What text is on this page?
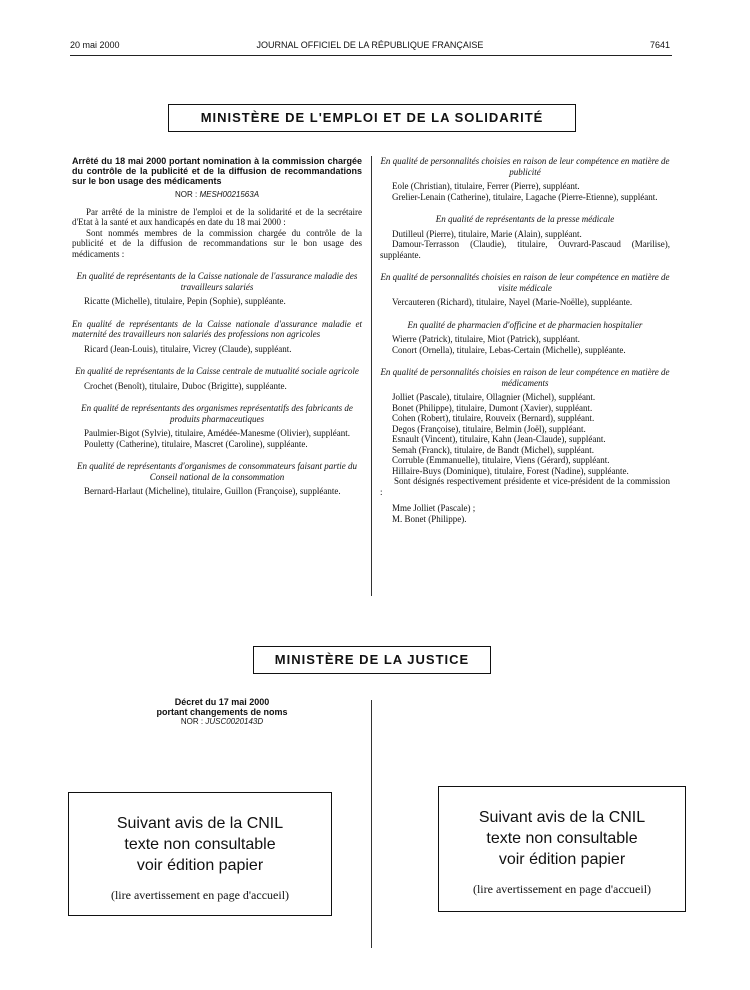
20 mai 2000	JOURNAL OFFICIEL DE LA RÉPUBLIQUE FRANÇAISE	7641
MINISTÈRE DE L'EMPLOI ET DE LA SOLIDARITÉ

Arrêté du 18 mai 2000 portant nomination à la commission chargée du contrôle de la publicité et de la diffusion de recommandations sur le bon usage des médicaments

NOR : MESH0021563A

Par arrêté de la ministre de l'emploi et de la solidarité et de la secrétaire d'Etat à la santé et aux handicapés en date du 18 mai 2000 :

Sont nommés membres de la commission chargée du contrôle de la publicité et de la diffusion de recommandations sur le bon usage des médicaments :

En qualité de représentants de la Caisse nationale de l'assurance maladie des travailleurs salariés

Ricatte (Michelle), titulaire, Pepin (Sophie), suppléante.

En qualité de représentants de la Caisse nationale d'assurance maladie et maternité des travailleurs non salariés des professions non agricoles

Ricard (Jean-Louis), titulaire, Vicrey (Claude), suppléant.

En qualité de représentants de la Caisse centrale de mutualité sociale agricole

Crochet (Benoît), titulaire, Duboc (Brigitte), suppléante.

En qualité de représentants des organismes représentatifs des fabricants de produits pharmaceutiques

Paulmier-Bigot (Sylvie), titulaire, Amédée-Manesme (Olivier), suppléant.

Pouletty (Catherine), titulaire, Mascret (Caroline), suppléante.

En qualité de représentants d'organismes de consommateurs faisant partie du Conseil national de la consommation

Bernard-Harlaut (Micheline), titulaire, Guillon (Françoise), suppléante.

En qualité de personnalités choisies en raison de leur compétence en matière de publicité

Eole (Christian), titulaire, Ferrer (Pierre), suppléant.

Grelier-Lenain (Catherine), titulaire, Lagache (Pierre-Etienne), suppléant.

En qualité de représentants de la presse médicale

Dutilleul (Pierre), titulaire, Marie (Alain), suppléant.

Damour-Terrasson (Claudie), titulaire, Ouvrard-Pascaud (Marilise), suppléante.

En qualité de personnalités choisies en raison de leur compétence en matière de visite médicale

Vercauteren (Richard), titulaire, Nayel (Marie-Noëlle), suppléante.

En qualité de pharmacien d'officine et de pharmacien hospitalier

Wierre (Patrick), titulaire, Miot (Patrick), suppléant.

Conort (Ornella), titulaire, Lebas-Certain (Michelle), suppléante.

En qualité de personnalités choisies en raison de leur compétence en matière de médicaments

Jolliet (Pascale), titulaire, Ollagnier (Michel), suppléant.

Bonet (Philippe), titulaire, Dumont (Xavier), suppléant.

Cohen (Robert), titulaire, Rouveix (Bernard), suppléant.

Degos (Françoise), titulaire, Belmin (Joël), suppléant.

Esnault (Vincent), titulaire, Kahn (Jean-Claude), suppléant.

Semah (Franck), titulaire, de Bandt (Michel), suppléant.

Corruble (Emmanuelle), titulaire, Viens (Gérard), suppléant.

Hillaire-Buys (Dominique), titulaire, Forest (Nadine), suppléante.

Sont désignés respectivement présidente et vice-président de la commission :

Mme Jolliet (Pascale) ;

M. Bonet (Philippe).

MINISTÈRE DE LA JUSTICE
Décret du 17 mai 2000
portant changements de noms
NOR : JUSC0020143D
Suivant avis de la CNIL
texte non consultable
voir édition papier
(lire avertissement en page d'accueil)
Suivant avis de la CNIL
texte non consultable
voir édition papier
(lire avertissement en page d'accueil)
